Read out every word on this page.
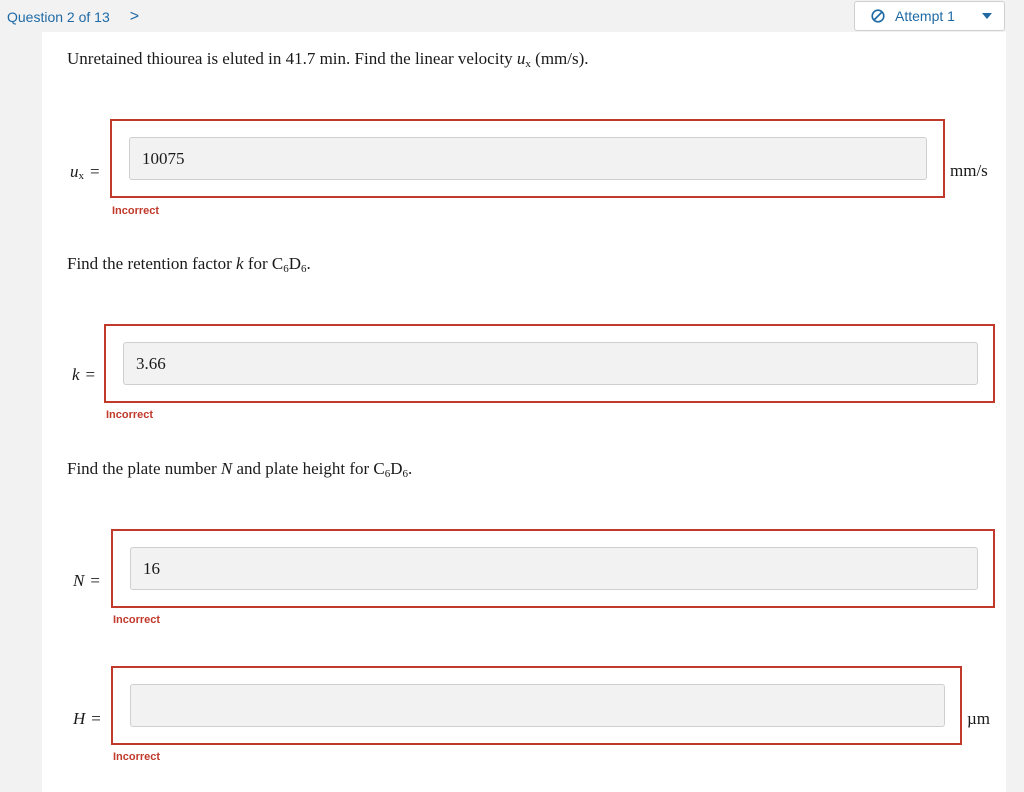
Question 2 of 13 >	Attempt 1
Unretained thiourea is eluted in 41.7 min. Find the linear velocity $u_x$ (mm/s).
$u_x$ =
10075	mm/s
Incorrect
Find the retention factor k for $C_6D_6$.
k =
3.66
Incorrect
Find the plate number N and plate height for $C_6D_6$.
N =
16
Incorrect
H =	µm
Incorrect
